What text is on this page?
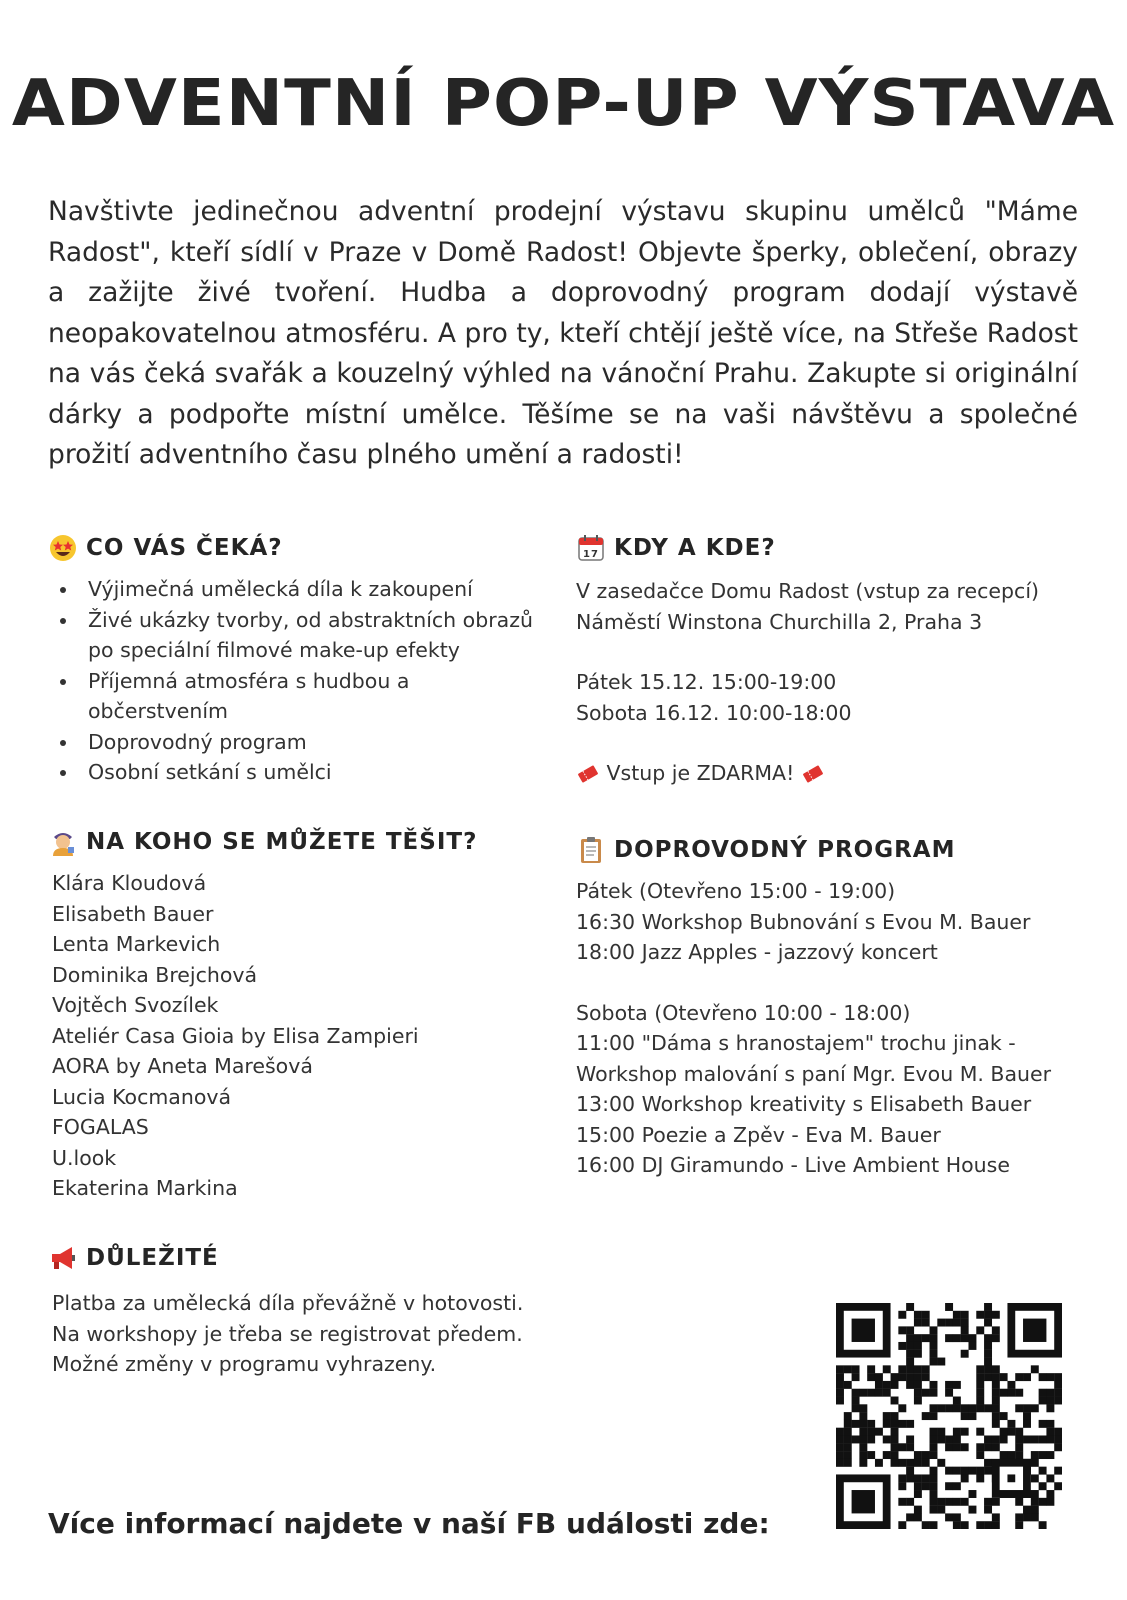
ADVENTNÍ POP-UP VÝSTAVA

Navštivte jedinečnou adventní prodejní výstavu skupinu umělců "Máme Radost", kteří sídlí v Praze v Domě Radost! Objevte šperky, oblečení, obrazy a zažijte živé tvoření. Hudba a doprovodný program dodají výstavě neopakovatelnou atmosféru. A pro ty, kteří chtějí ještě více, na Střeše Radost na vás čeká svařák a kouzelný výhled na vánoční Prahu. Zakupte si originální dárky a podpořte místní umělce. Těšíme se na vaši návštěvu a společné prožití adventního času plného umění a radosti!

CO VÁS ČEKÁ?
Výjimečná umělecká díla k zakoupení
Živé ukázky tvorby, od abstraktních obrazů po speciální filmové make-up efekty
Příjemná atmosféra s hudbou a občerstvením
Doprovodný program
Osobní setkání s umělci
NA KOHO SE MŮŽETE TĚŠIT?
Klára Kloudová
Elisabeth Bauer
Lenta Markevich
Dominika Brejchová
Vojtěch Svozílek
Ateliér Casa Gioia by Elisa Zampieri
AORA by Aneta Marešová
Lucia Kocmanová
FOGALAS
U.look
Ekaterina Markina
DŮLEŽITÉ
Platba za umělecká díla převážně v hotovosti.
Na workshopy je třeba se registrovat předem.
Možné změny v programu vyhrazeny.
17 KDY A KDE?
V zasedačce Domu Radost (vstup za recepcí)
Náměstí Winstona Churchilla 2, Praha 3
Pátek 15.12. 15:00-19:00
Sobota 16.12. 10:00-18:00
Vstup je ZDARMA!
DOPROVODNÝ PROGRAM
Pátek (Otevřeno 15:00 - 19:00)
16:30 Workshop Bubnování s Evou M. Bauer
18:00 Jazz Apples - jazzový koncert
Sobota (Otevřeno 10:00 - 18:00)
11:00 "Dáma s hranostajem" trochu jinak -
Workshop malování s paní Mgr. Evou M. Bauer
13:00 Workshop kreativity s Elisabeth Bauer
15:00 Poezie a Zpěv - Eva M. Bauer
16:00 DJ Giramundo - Live Ambient House
Více informací najdete v naší FB události zde:
